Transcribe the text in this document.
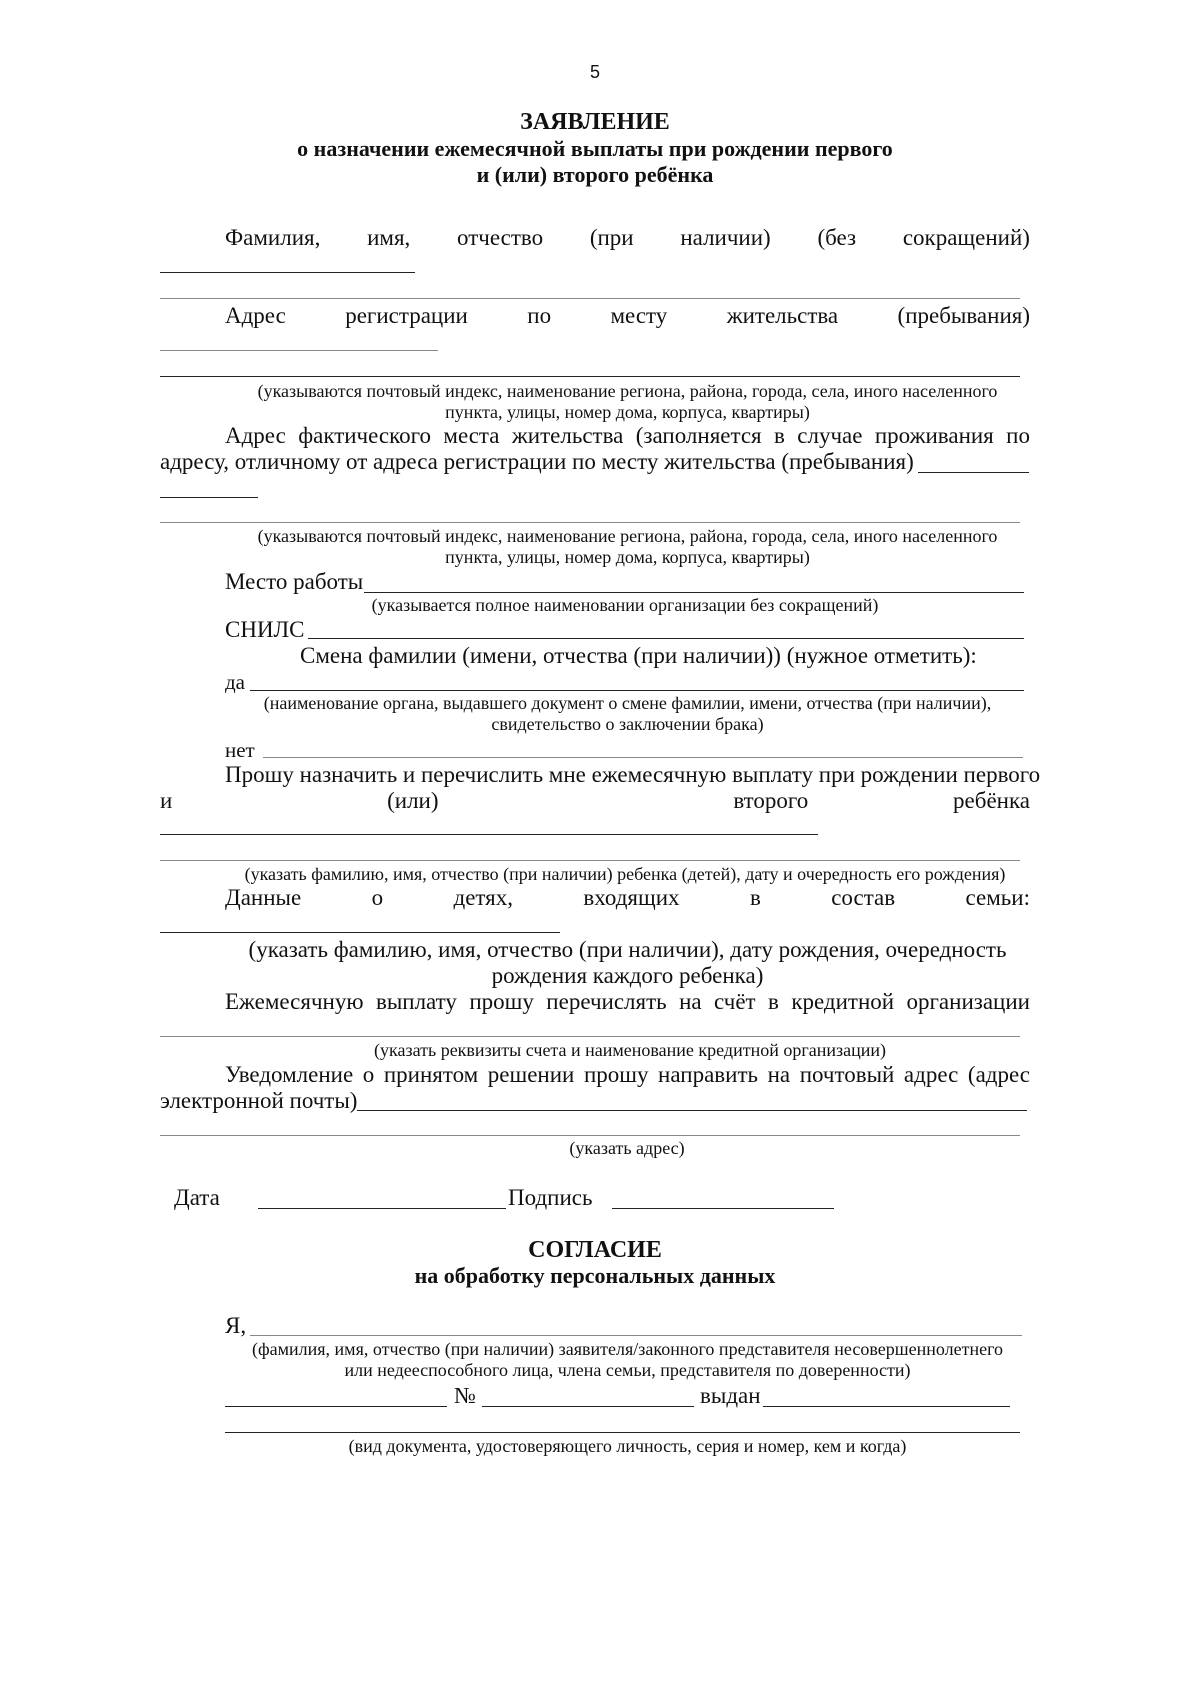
5
ЗАЯВЛЕНИЕ
о назначении ежемесячной выплаты при рождении первого
и (или) второго ребёнка
Фамилия, имя, отчество (при наличии) (без сокращений)
Адрес	регистрации	по	месту	жительства	(пребывания)
(указываются почтовый индекс, наименование региона, района, города, села, иного населенного
пункта, улицы, номер дома, корпуса, квартиры)
Адрес фактического места жительства (заполняется в случае проживания по
адресу, отличному от адреса регистрации по месту жительства (пребывания)
(указываются почтовый индекс, наименование региона, района, города, села, иного населенного
пункта, улицы, номер дома, корпуса, квартиры)
Место работы
(указывается полное наименовании организации без сокращений)
СНИЛС
Смена фамилии (имени, отчества (при наличии)) (нужное отметить):
да
(наименование органа, выдавшего документ о смене фамилии, имени, отчества (при наличии),
свидетельство о заключении брака)
нет
Прошу назначить и перечислить мне ежемесячную выплату при рождении первого
и	(или)	второго	ребёнка
(указать фамилию, имя, отчество (при наличии) ребенка (детей), дату и очередность его рождения)
Данные	о	детях,	входящих	в	состав	семьи:
(указать фамилию, имя, отчество (при наличии), дату рождения, очередность
рождения каждого ребенка)
Ежемесячную выплату прошу перечислять на счёт в кредитной организации
(указать реквизиты счета и наименование кредитной организации)
Уведомление о принятом решении прошу направить на почтовый адрес (адрес
электронной почты)
(указать адрес)
Дата	Подпись
СОГЛАСИЕ
на обработку персональных данных
Я,
(фамилия, имя, отчество (при наличии) заявителя/законного представителя несовершеннолетнего
или недееспособного лица, члена семьи, представителя по доверенности)
№	выдан
(вид документа, удостоверяющего личность, серия и номер, кем и когда)
